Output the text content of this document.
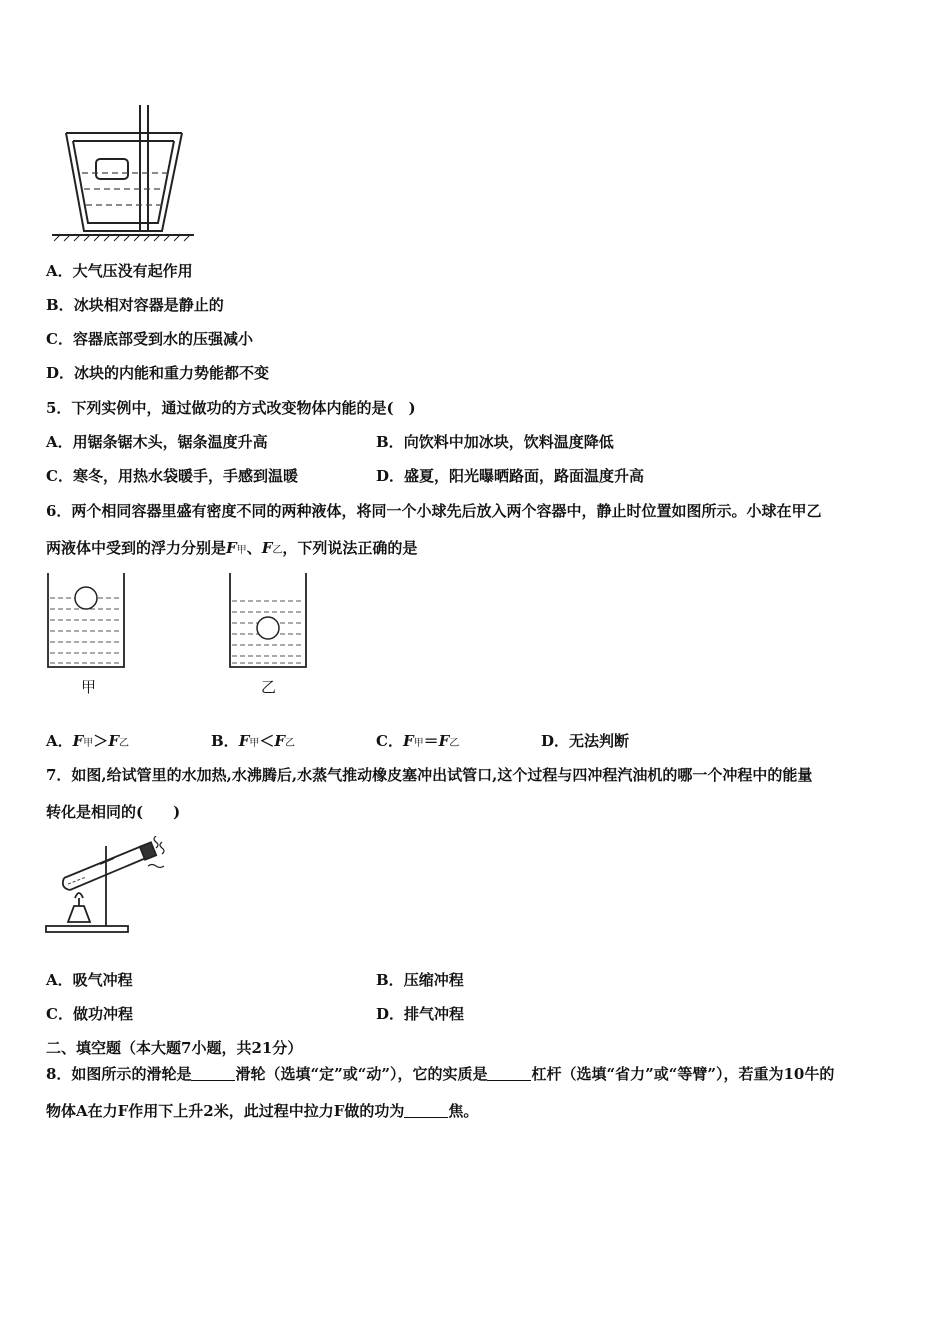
A．大气压没有起作用
B．冰块相对容器是静止的
C．容器底部受到水的压强减小
D．冰块的内能和重力势能都不变
5．下列实例中，通过做功的方式改变物体内能的是(　)
A．用锯条锯木头，锯条温度升高	B．向饮料中加冰块，饮料温度降低
C．寒冬，用热水袋暖手，手感到温暖	D．盛夏，阳光曝晒路面，路面温度升高
6．两个相同容器里盛有密度不同的两种液体，将同一个小球先后放入两个容器中，静止时位置如图所示。小球在甲乙
两液体中受到的浮力分别是F甲、F乙，下列说法正确的是
甲	乙
A．F甲＞F乙	B．F甲＜F乙	C．F甲＝F乙	D．无法判断
7．如图,给试管里的水加热,水沸腾后,水蒸气推动橡皮塞冲出试管口,这个过程与四冲程汽油机的哪一个冲程中的能量
转化是相同的(　　)
A．吸气冲程	B．压缩冲程
C．做功冲程	D．排气冲程
二、填空题（本大题7小题，共21分）
8．如图所示的滑轮是	滑轮（选填“定”或“动”），它的实质是	杠杆（选填“省力”或“等臂”），若重为10牛的
物体A在力F作用下上升2米，此过程中拉力F做的功为	焦。
